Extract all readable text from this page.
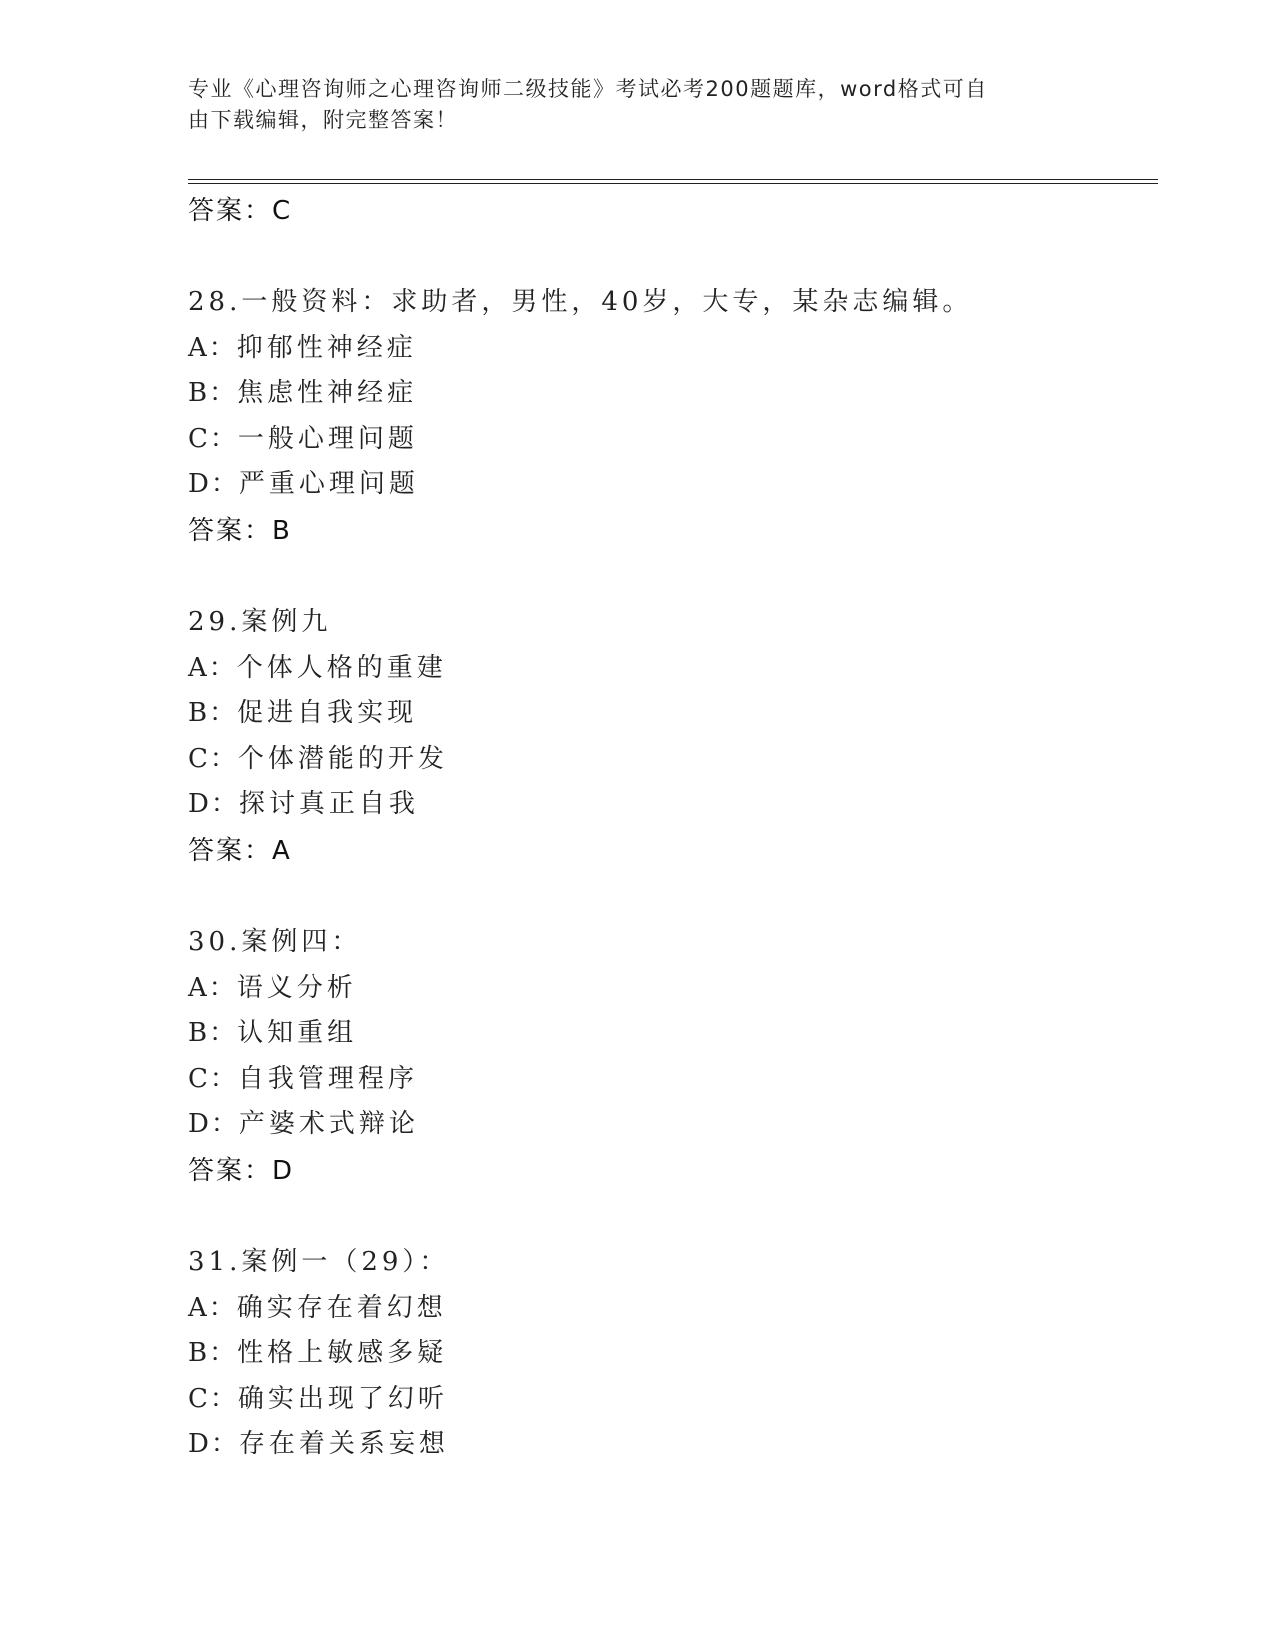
专业《心理咨询师之心理咨询师二级技能》考试必考200题题库，word格式可自
由下载编辑，附完整答案！
答案：C
28.一般资料：求助者，男性，40岁，大专，某杂志编辑。
A：抑郁性神经症
B：焦虑性神经症
C：一般心理问题
D：严重心理问题
答案：B
29.案例九
A：个体人格的重建
B：促进自我实现
C：个体潜能的开发
D：探讨真正自我
答案：A
30.案例四：
A：语义分析
B：认知重组
C：自我管理程序
D：产婆术式辩论
答案：D
31.案例一（29）：
A：确实存在着幻想
B：性格上敏感多疑
C：确实出现了幻听
D：存在着关系妄想
